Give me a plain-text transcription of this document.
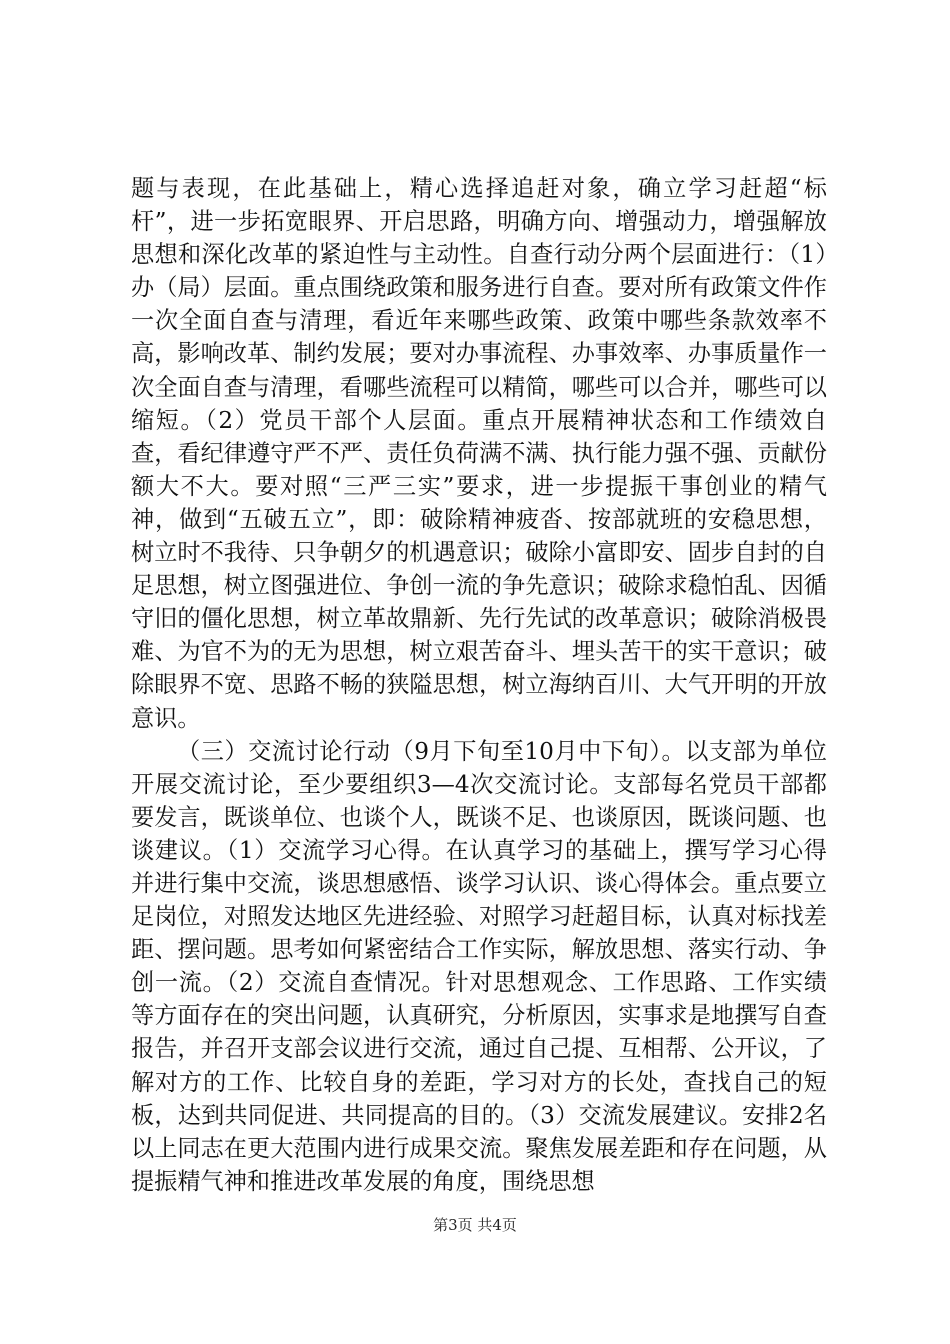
题与表现，在此基础上，精心选择追赶对象，确立学习赶超“标杆”，进一步拓宽眼界、开启思路，明确方向、增强动力，增强解放思想和深化改革的紧迫性与主动性。自查行动分两个层面进行：（1）办（局）层面。重点围绕政策和服务进行自查。要对所有政策文件作一次全面自查与清理，看近年来哪些政策、政策中哪些条款效率不高，影响改革、制约发展；要对办事流程、办事效率、办事质量作一次全面自查与清理，看哪些流程可以精简，哪些可以合并，哪些可以缩短。（2）党员干部个人层面。重点开展精神状态和工作绩效自查，看纪律遵守严不严、责任负荷满不满、执行能力强不强、贡献份额大不大。要对照“三严三实”要求，进一步提振干事创业的精气神，做到“五破五立”，即：破除精神疲沓、按部就班的安稳思想，树立时不我待、只争朝夕的机遇意识；破除小富即安、固步自封的自足思想，树立图强进位、争创一流的争先意识；破除求稳怕乱、因循守旧的僵化思想，树立革故鼎新、先行先试的改革意识；破除消极畏难、为官不为的无为思想，树立艰苦奋斗、埋头苦干的实干意识；破除眼界不宽、思路不畅的狭隘思想，树立海纳百川、大气开明的开放意识。

（三）交流讨论行动（9月下旬至10月中下旬）。以支部为单位开展交流讨论，至少要组织3—4次交流讨论。支部每名党员干部都要发言，既谈单位、也谈个人，既谈不足、也谈原因，既谈问题、也谈建议。（1）交流学习心得。在认真学习的基础上，撰写学习心得并进行集中交流，谈思想感悟、谈学习认识、谈心得体会。重点要立足岗位，对照发达地区先进经验、对照学习赶超目标，认真对标找差距、摆问题。思考如何紧密结合工作实际，解放思想、落实行动、争创一流。（2）交流自查情况。针对思想观念、工作思路、工作实绩等方面存在的突出问题，认真研究，分析原因，实事求是地撰写自查报告，并召开支部会议进行交流，通过自己提、互相帮、公开议，了解对方的工作、比较自身的差距，学习对方的长处，查找自己的短板，达到共同促进、共同提高的目的。（3）交流发展建议。安排2名以上同志在更大范围内进行成果交流。聚焦发展差距和存在问题，从提振精气神和推进改革发展的角度，围绕思想

第3页 共4页
